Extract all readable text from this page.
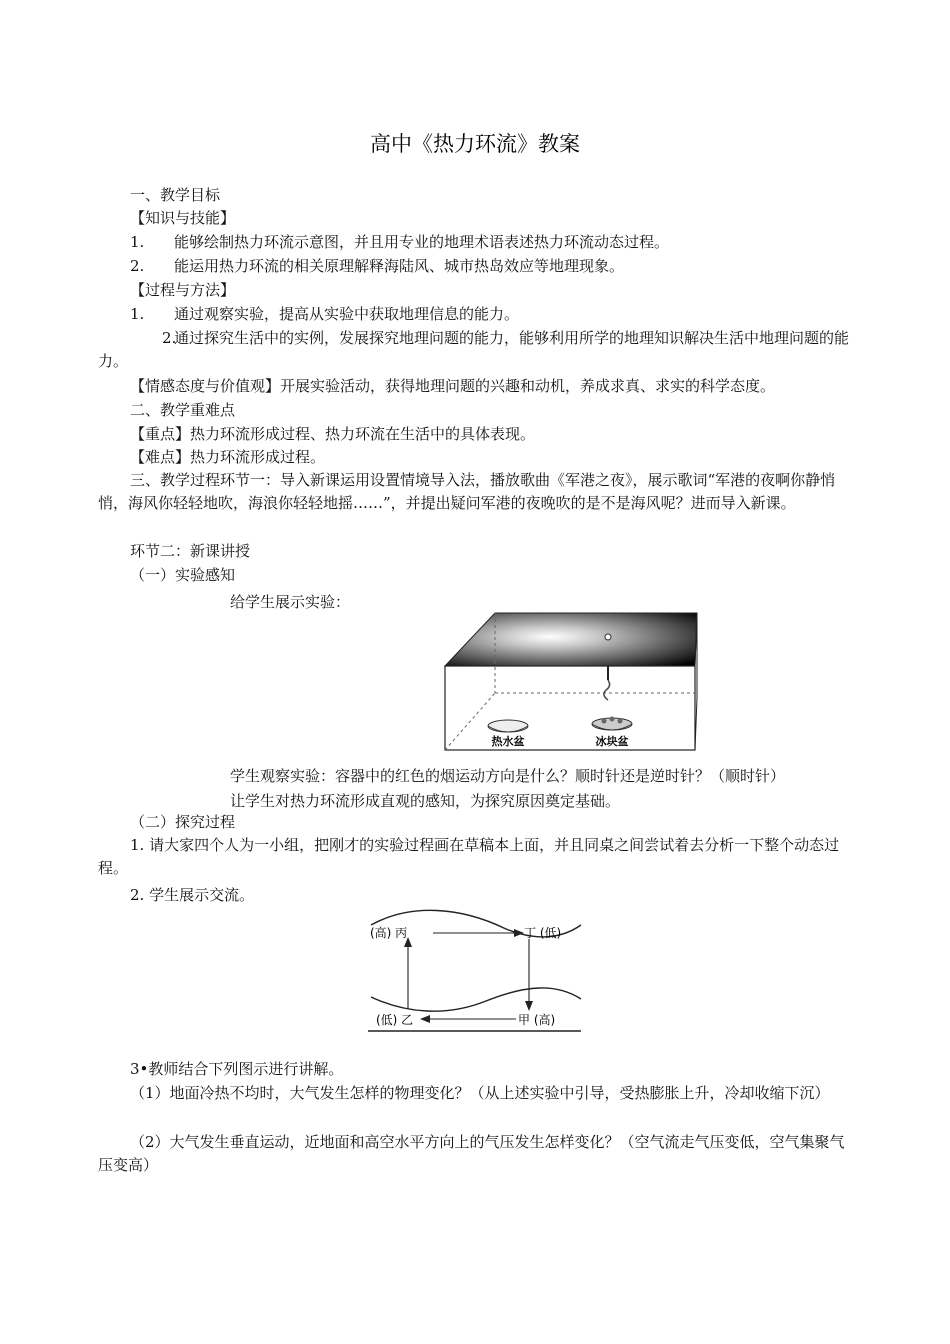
高中《热力环流》教案
一、教学目标
【知识与技能】
1. 能够绘制热力环流示意图，并且用专业的地理术语表述热力环流动态过程。
2. 能运用热力环流的相关原理解释海陆风、城市热岛效应等地理现象。
【过程与方法】
1. 通过观察实验，提高从实验中获取地理信息的能力。
2.通过探究生活中的实例，发展探究地理问题的能力，能够利用所学的地理知识解决生活中地理问题的能力。
【情感态度与价值观】开展实验活动，获得地理问题的兴趣和动机，养成求真、求实的科学态度。
二、教学重难点
【重点】热力环流形成过程、热力环流在生活中的具体表现。
【难点】热力环流形成过程。
三、教学过程环节一：导入新课运用设置情境导入法，播放歌曲《军港之夜》，展示歌词“军港的夜啊你静悄悄，海风你轻轻地吹，海浪你轻轻地摇……”，并提出疑问军港的夜晚吹的是不是海风呢？进而导入新课。
环节二：新课讲授
（一）实验感知
给学生展示实验：
热水盆	冰块盆
学生观察实验：容器中的红色的烟运动方向是什么？顺时针还是逆时针？（顺时针）
让学生对热力环流形成直观的感知，为探究原因奠定基础。
（二）探究过程
1. 请大家四个人为一小组，把刚才的实验过程画在草稿本上面，并且同桌之间尝试着去分析一下整个动态过程。
2. 学生展示交流。
(高) 丙	丁 (低)
(低) 乙	甲 (高)
3•教师结合下列图示进行讲解。
（1）地面冷热不均时，大气发生怎样的物理变化？（从上述实验中引导，受热膨胀上升，冷却收缩下沉）
（2）大气发生垂直运动，近地面和高空水平方向上的气压发生怎样变化？（空气流走气压变低，空气集聚气压变高）
